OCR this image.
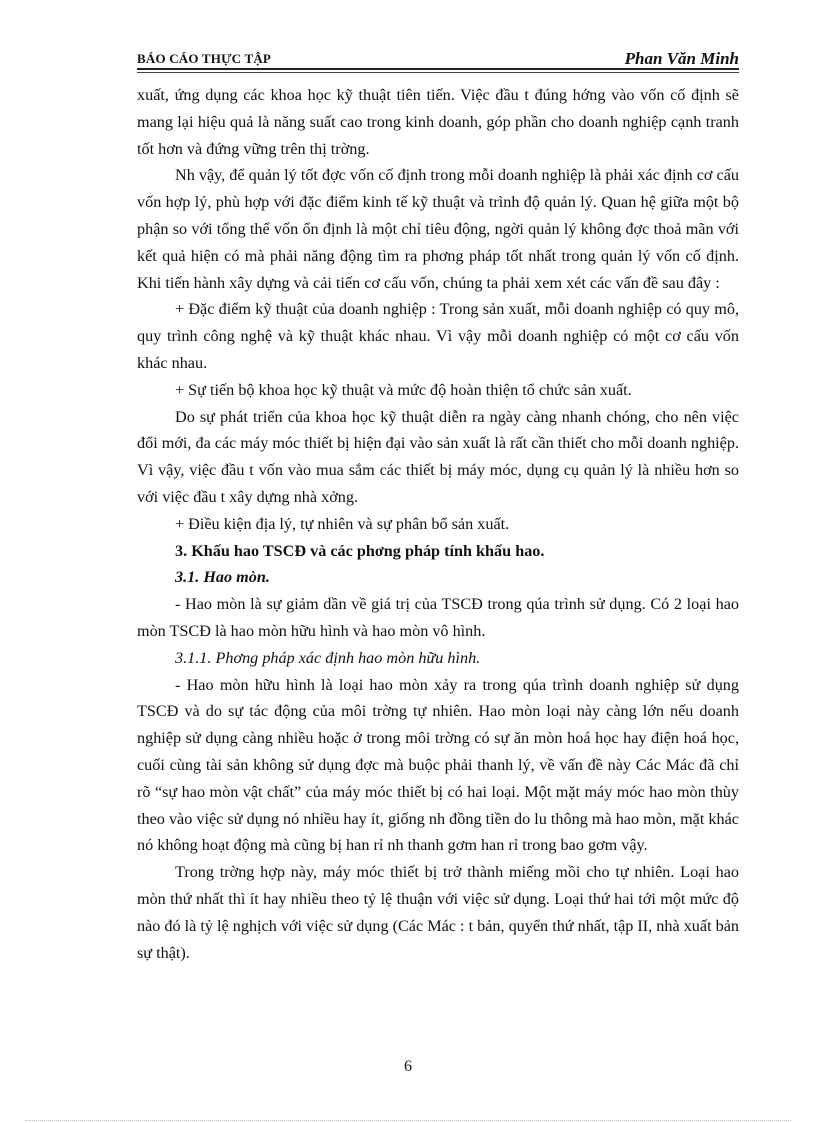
BÁO CÁO THỰC TẬP	Phan Văn Minh

xuất, ứng dụng các khoa học kỹ thuật tiên tiến. Việc đầu t đúng hớng vào vốn cố định sẽ mang lại hiệu quả là năng suất cao trong kinh doanh, góp phần cho doanh nghiệp cạnh tranh tốt hơn và đứng vững trên thị trờng.

Nh vậy, để quản lý tốt đợc vốn cố định trong mỗi doanh nghiệp là phải xác định cơ cấu vốn hợp lý, phù hợp với đặc điểm kinh tế kỹ thuật và trình độ quản lý. Quan hệ giữa một bộ phận so với tổng thể vốn ổn định là một chỉ tiêu động, ngời quản lý không đợc thoả mãn với kết quả hiện có mà phải năng động tìm ra phơng pháp tốt nhất trong quản lý vốn cố định. Khi tiến hành xây dựng và cải tiến cơ cấu vốn, chúng ta phải xem xét các vấn đề sau đây :

+ Đặc điểm kỹ thuật của doanh nghiệp : Trong sản xuất, mỗi doanh nghiệp có quy mô, quy trình công nghệ và kỹ thuật khác nhau. Vì vậy mỗi doanh nghiệp có một cơ cấu vốn khác nhau.

+ Sự tiến bộ khoa học kỹ thuật và mức độ hoàn thiện tổ chức sản xuất.

Do sự phát triển của khoa học kỹ thuật diễn ra ngày càng nhanh chóng, cho nên việc đổi mới, đa các máy móc thiết bị hiện đại vào sản xuất là rất cần thiết cho mỗi doanh nghiệp. Vì vậy, việc đầu t vốn vào mua sắm các thiết bị máy móc, dụng cụ quản lý là nhiều hơn so với việc đầu t xây dựng nhà xởng.

+ Điều kiện địa lý, tự nhiên và sự phân bổ sản xuất.

3. Khấu hao TSCĐ và các phơng pháp tính khấu hao.

3.1. Hao mòn.

- Hao mòn là sự giảm dần về giá trị của TSCĐ trong qúa trình sử dụng. Có 2 loại hao mòn TSCĐ là hao mòn hữu hình và hao mòn vô hình.

3.1.1. Phơng pháp xác định hao mòn hữu hình.

- Hao mòn hữu hình là loại hao mòn xảy ra trong qúa trình doanh nghiệp sử dụng TSCĐ và do sự tác động của môi trờng tự nhiên. Hao mòn loại này càng lớn nếu doanh nghiệp sử dụng càng nhiều hoặc ở trong môi trờng có sự ăn mòn hoá học hay điện hoá học, cuối cùng tài sản không sử dụng đợc mà buộc phải thanh lý, về vấn đề này Các Mác đã chỉ rõ “sự hao mòn vật chất” của máy móc thiết bị có hai loại. Một mặt máy móc hao mòn thùy theo vào việc sử dụng nó nhiều hay ít, giống nh đồng tiền do lu thông mà hao mòn, mặt khác nó không hoạt động mà cũng bị han rỉ nh thanh gơm han rỉ trong bao gơm vậy.

Trong trờng hợp này, máy móc thiết bị trở thành miếng mồi cho tự nhiên. Loại hao mòn thứ nhất thì ít hay nhiều theo tỷ lệ thuận với việc sử dụng. Loại thứ hai tới một mức độ nào đó là tỷ lệ nghịch với việc sử dụng (Các Mác : t bản, quyển thứ nhất, tập II, nhà xuất bản sự thật).

6
